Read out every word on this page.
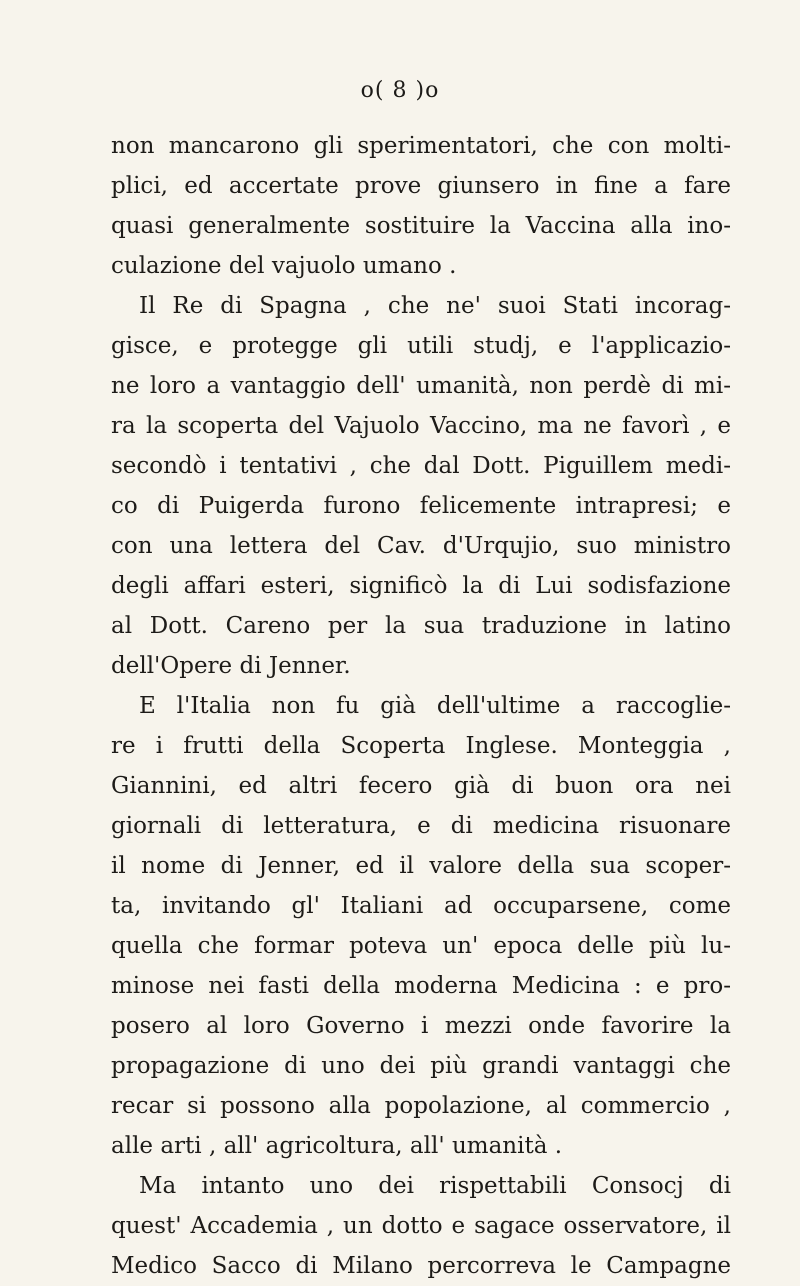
o( 8 )o
non mancarono gli sperimentatori, che con molti-
plici, ed accertate prove giunsero in fine a fare
quasi generalmente sostituire la Vaccina alla ino-
culazione del vajuolo umano .
Il Re di Spagna , che ne' suoi Stati incorag-
gisce, e protegge gli utili studj, e l'applicazio-
ne loro a vantaggio dell' umanità, non perdè di mi-
ra la scoperta del Vajuolo Vaccino, ma ne favorì , e
secondò i tentativi , che dal Dott. Piguillem medi-
co di Puigerda furono felicemente intrapresi; e
con una lettera del Cav. d'Urqujio, suo ministro
degli affari esteri, significò la di Lui sodisfazione
al Dott. Careno per la sua traduzione in latino
dell'Opere di Jenner.
E l'Italia non fu già dell'ultime a raccoglie-
re i frutti della Scoperta Inglese. Monteggia ,
Giannini, ed altri fecero già di buon ora nei
giornali di letteratura, e di medicina risuonare
il nome di Jenner, ed il valore della sua scoper-
ta, invitando gl' Italiani ad occuparsene, come
quella che formar poteva un' epoca delle più lu-
minose nei fasti della moderna Medicina : e pro-
posero al loro Governo i mezzi onde favorire la
propagazione di uno dei più grandi vantaggi che
recar si possono alla popolazione, al commercio ,
alle arti , all' agricoltura, all' umanità .
Ma intanto uno dei rispettabili Consocj di
quest' Accademia , un dotto e sagace osservatore, il
Medico Sacco di Milano percorreva le Campagne
